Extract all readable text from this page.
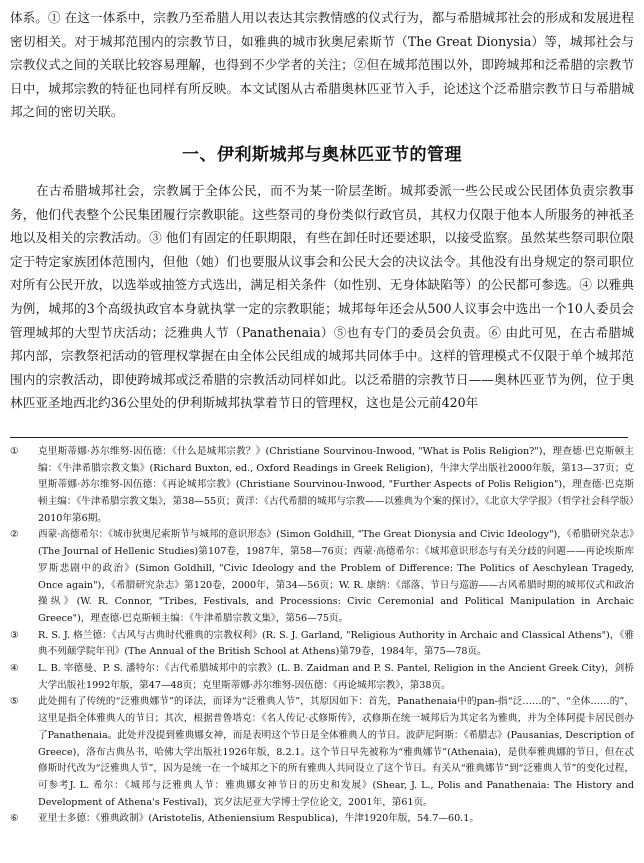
体系。① 在这一体系中，宗教乃至希腊人用以表达其宗教情感的仪式行为，都与希腊城邦社会的形成和发展进程密切相关。对于城邦范围内的宗教节日，如雅典的城市狄奥尼索斯节（The Great Dionysia）等，城邦社会与宗教仪式之间的关联比较容易理解，也得到不少学者的关注；②但在城邦范围以外，即跨城邦和泛希腊的宗教节日中，城邦宗教的特征也同样有所反映。本文试图从古希腊奥林匹亚节入手，论述这个泛希腊宗教节日与希腊城邦之间的密切关联。

一、伊利斯城邦与奥林匹亚节的管理

在古希腊城邦社会，宗教属于全体公民，而不为某一阶层垄断。城邦委派一些公民或公民团体负责宗教事务，他们代表整个公民集团履行宗教职能。这些祭司的身份类似行政官员，其权力仅限于他本人所服务的神祇圣地以及相关的宗教活动。③ 他们有固定的任职期限，有些在卸任时还要述职，以接受监察。虽然某些祭司职位限定于特定家族团体范围内，但他（她）们也要服从议事会和公民大会的决议法令。其他没有出身规定的祭司职位对所有公民开放，以选举或抽签方式选出，满足相关条件（如性别、无身体缺陷等）的公民都可参选。④ 以雅典为例，城邦的3个高级执政官本身就执掌一定的宗教职能；城邦每年还会从500人议事会中选出一个10人委员会管理城邦的大型节庆活动；泛雅典人节（Panathenaia）⑤也有专门的委员会负责。⑥ 由此可见，在古希腊城邦内部，宗教祭祀活动的管理权掌握在由全体公民组成的城邦共同体手中。这样的管理模式不仅限于单个城邦范围内的宗教活动，即使跨城邦或泛希腊的宗教活动同样如此。以泛希腊的宗教节日——奥林匹亚节为例，位于奥林匹亚圣地西北约36公里处的伊利斯城邦执掌着节日的管理权，这也是公元前420年

①	克里斯蒂娜·苏尔维努-因伍德：《什么是城邦宗教？》(Christiane Sourvinou-Inwood, "What is Polis Religion?")，理查德·巴克斯顿主编：《牛津希腊宗教文集》(Richard Buxton, ed., Oxford Readings in Greek Religion)，牛津大学出版社2000年版，第13—37页；克里斯蒂娜·苏尔维努-因伍德：《再论城邦宗教》(Christiane Sourvinou-Inwood, "Further Aspects of Polis Religion")，理查德·巴克斯顿主编：《牛津希腊宗教文集》，第38—55页；黄洋：《古代希腊的城邦与宗教——以雅典为个案的探讨》，《北京大学学报》（哲学社会科学版）2010年第6期。
②	西蒙·高德希尔：《城市狄奥尼索斯节与城邦的意识形态》(Simon Goldhill, "The Great Dionysia and Civic Ideology")，《希腊研究杂志》(The Journal of Hellenic Studies)第107卷，1987年，第58—76页；西蒙·高德希尔：《城邦意识形态与有关分歧的问题——再论埃斯库罗斯悲剧中的政治》(Simon Goldhill, "Civic Ideology and the Problem of Difference: The Politics of Aeschylean Tragedy, Once again")，《希腊研究杂志》第120卷，2000年，第34—56页；W. R. 康纳：《部落、节日与巡游——古风希腊时期的城邦仪式和政治操纵》(W. R. Connor, "Tribes, Festivals, and Processions: Civic Ceremonial and Political Manipulation in Archaic Greece")，理查德·巴克斯顿主编：《牛津希腊宗教文集》，第56—75页。
③	R. S. J. 格兰德：《古风与古典时代雅典的宗教权利》(R. S. J. Garland, "Religious Authority in Archaic and Classical Athens")，《雅典不列颠学院年刊》(The Annual of the British School at Athens)第79卷，1984年，第75—78页。
④	L. B. 宰德曼、P. S. 潘特尔：《古代希腊城邦中的宗教》(L. B. Zaidman and P. S. Pantel, Religion in the Ancient Greek City)，剑桥大学出版社1992年版，第47—48页；克里斯蒂娜·苏尔维努-因伍德：《再论城邦宗教》，第38页。
⑤	此处拥有了传统的“泛雅典娜节”的译法，而译为“泛雅典人节”，其原因如下：首先，Panathenaia中的pan-指“泛……的”、“全体……的”，这里是指全体雅典人的节日；其次，根据普鲁塔克：《名人传记·忒修斯传》，忒修斯在统一城邦后为其定名为雅典，并为全体阿提卡居民创办了Panathenaia。此处并没提到雅典娜女神，而是表明这个节日是全体雅典人的节日。波萨尼阿斯：《希腊志》(Pausanias, Description of Greece)，洛布古典丛书，哈佛大学出版社1926年版，8.2.1。这个节日早先被称为“雅典娜节”(Athenaia)，是供奉雅典娜的节日，但在忒修斯时代改为“泛雅典人节”，因为是统一在一个城邦之下的所有雅典人共同设立了这个节日。有关从“雅典娜节”到“泛雅典人节”的变化过程，可参考J. L. 希尔：《城邦与泛雅典人节：雅典娜女神节日的历史和发展》(Shear, J. L., Polis and Panathenaia: The History and Development of Athena's Festival)，宾夕法尼亚大学博士学位论文，2001年，第61页。
⑥	亚里士多德：《雅典政制》(Aristotelis, Atheniensium Respublica)，牛津1920年版，54.7—60.1。
